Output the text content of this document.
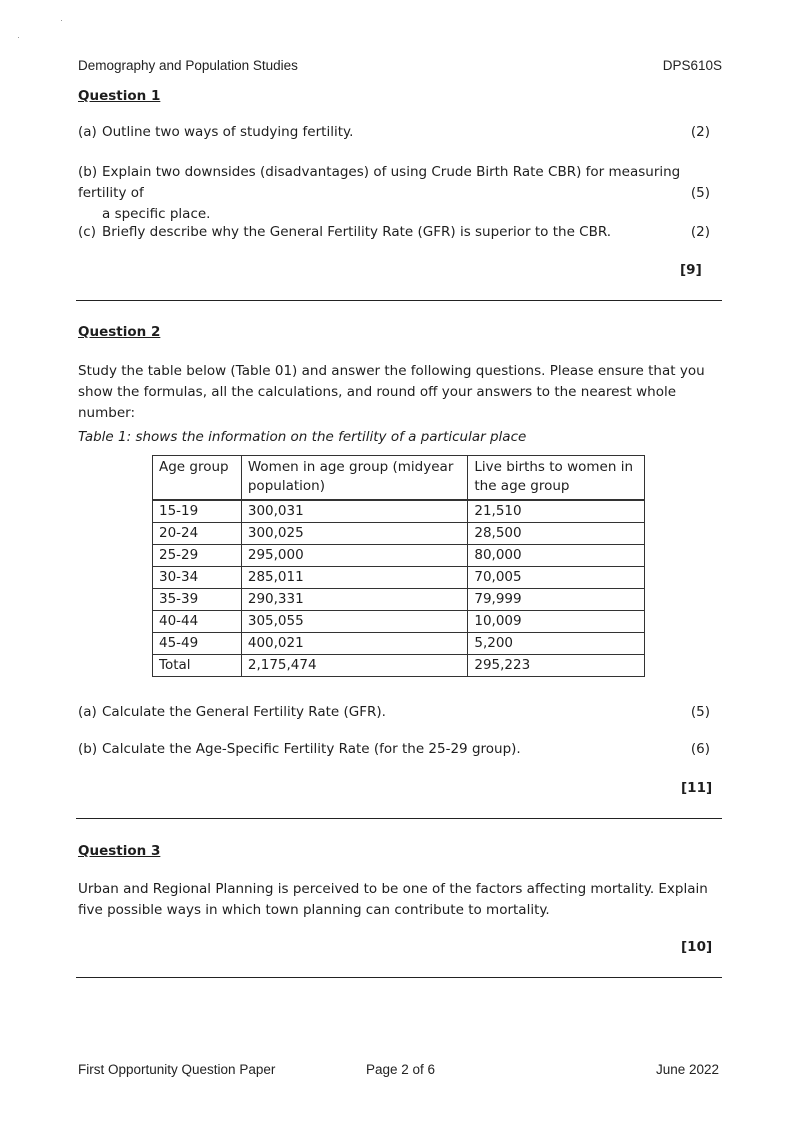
Demography and Population Studies	DPS610S
Question 1
(a) Outline two ways of studying fertility.	(2)
(b) Explain two downsides (disadvantages) of using Crude Birth Rate CBR) for measuring fertility of
a specific place.
(5)
(c) Briefly describe why the General Fertility Rate (GFR) is superior to the CBR.	(2)
[9]
Question 2
Study the table below (Table 01) and answer the following questions. Please ensure that you show the formulas, all the calculations, and round off your answers to the nearest whole number:
Table 1: shows the information on the fertility of a particular place
Age group	Women in age group (midyear population)	Live births to women in the age group
15-19	300,031	21,510
20-24	300,025	28,500
25-29	295,000	80,000
30-34	285,011	70,005
35-39	290,331	79,999
40-44	305,055	10,009
45-49	400,021	5,200
Total	2,175,474	295,223
(a) Calculate the General Fertility Rate (GFR).	(5)
(b) Calculate the Age-Specific Fertility Rate (for the 25-29 group).	(6)
[11]
Question 3
Urban and Regional Planning is perceived to be one of the factors affecting mortality. Explain five possible ways in which town planning can contribute to mortality.
[10]
First Opportunity Question Paper	Page 2 of 6	June 2022
